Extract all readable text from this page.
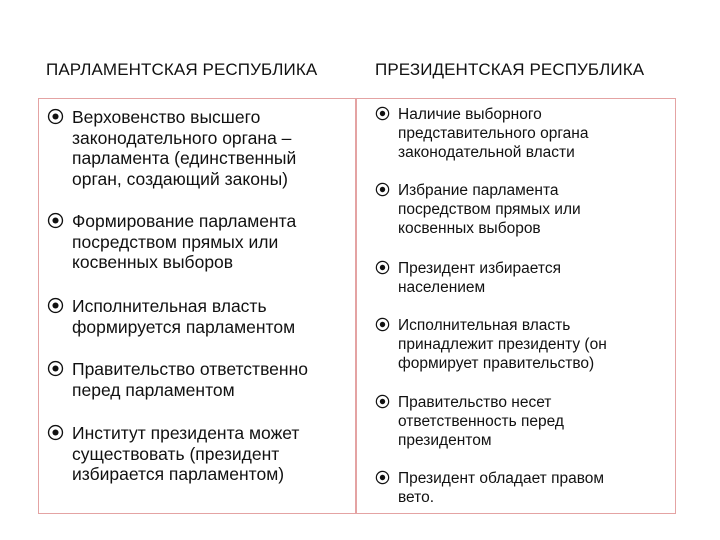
ПАРЛАМЕНТСКАЯ РЕСПУБЛИКА	ПРЕЗИДЕНТСКАЯ РЕСПУБЛИКА
Верховенство высшего
законодательного органа –
парламента (единственный
орган, создающий законы)
Формирование парламента
посредством прямых или
косвенных выборов
Исполнительная власть
формируется парламентом
Правительство ответственно
перед парламентом
Институт президента может
существовать (президент
избирается парламентом)
Наличие выборного
представительного органа
законодательной власти
Избрание парламента
посредством прямых или
косвенных выборов
Президент избирается
населением
Исполнительная власть
принадлежит президенту (он
формирует правительство)
Правительство несет
ответственность перед
президентом
Президент обладает правом
вето.
